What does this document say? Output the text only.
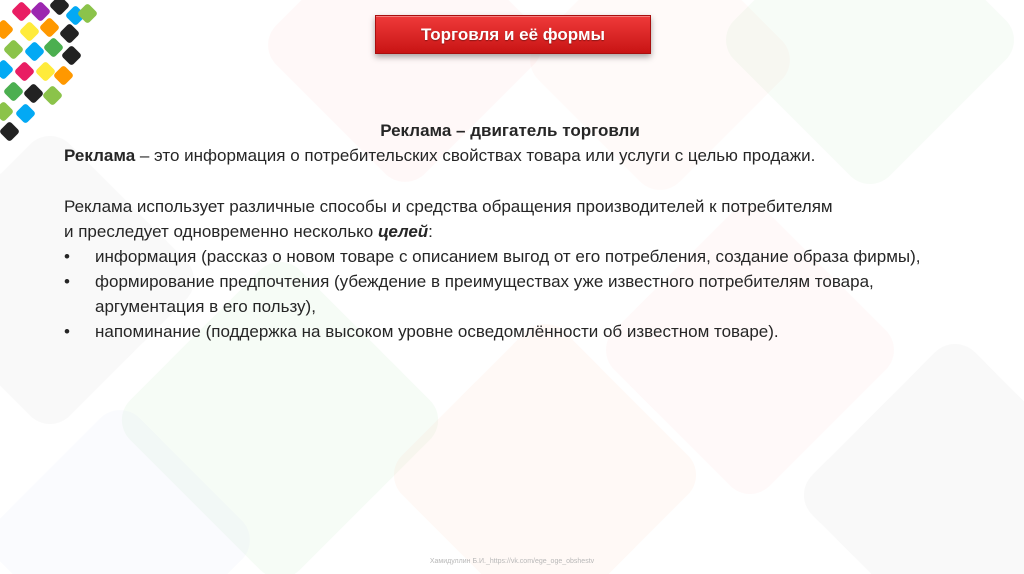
Торговля и её формы
Реклама – двигатель торговли

Реклама – это информация о потребительских свойствах товара или услуги с целью продажи.

Реклама использует различные способы и средства обращения производителей к потребителям
и преследует одновременно несколько целей:

• информация (рассказ о новом товаре с описанием выгод от его потребления, создание образа фирмы),
• формирование предпочтения (убеждение в преимуществах уже известного потребителям товара, аргументация в его пользу),
• напоминание (поддержка на высоком уровне осведомлённости об известном товаре).
Хамидуллин Б.И._https://vk.com/ege_oge_obshestv
